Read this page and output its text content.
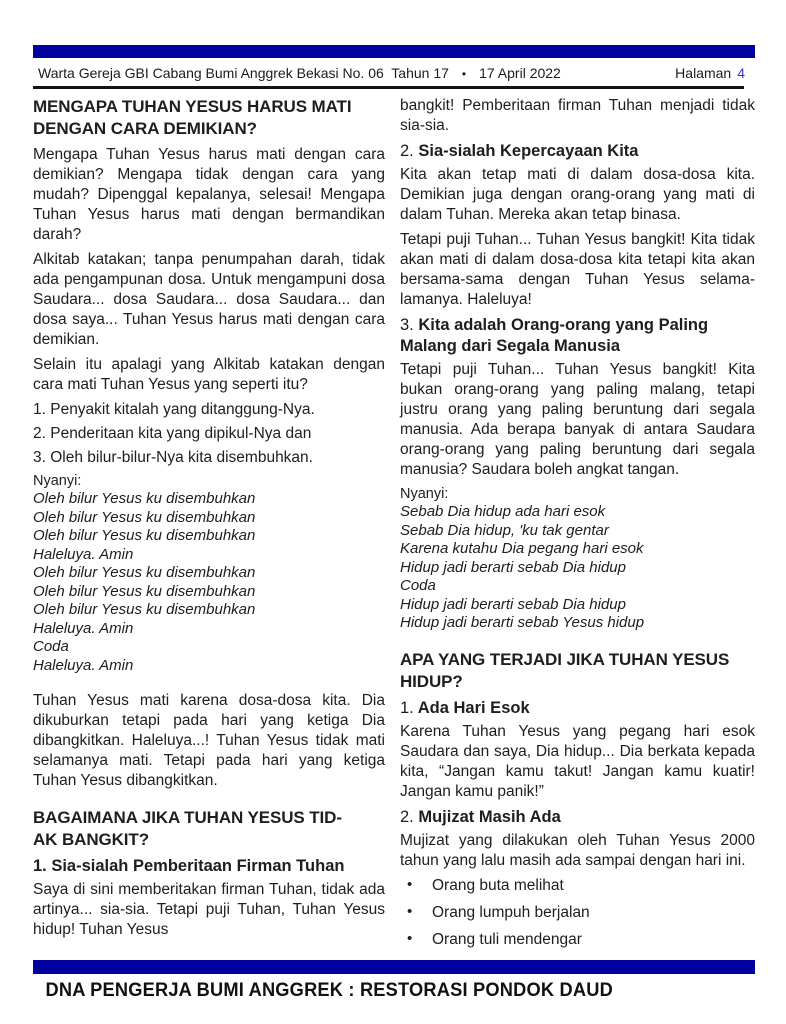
Warta Gereja GBI Cabang Bumi Anggrek Bekasi No. 06  Tahun 17 • 17 April 2022	Halaman 4
MENGAPA TUHAN YESUS HARUS MATI
DENGAN CARA DEMIKIAN?

Mengapa Tuhan Yesus harus mati dengan cara demikian? Mengapa tidak dengan cara yang mudah? Dipenggal kepalanya, selesai! Mengapa Tuhan Yesus harus mati dengan bermandikan darah?

Alkitab katakan; tanpa penumpahan darah, tidak ada pengampunan dosa. Untuk mengampuni dosa Saudara... dosa Saudara... dosa Saudara... dan dosa saya... Tuhan Yesus harus mati dengan cara demikian.

Selain itu apalagi yang Alkitab katakan dengan cara mati Tuhan Yesus yang seperti itu?

1. Penyakit kitalah yang ditanggung-Nya.

2. Penderitaan kita yang dipikul-Nya dan

3. Oleh bilur-bilur-Nya kita disembuhkan.

Nyanyi:
Oleh bilur Yesus ku disembuhkan
Oleh bilur Yesus ku disembuhkan
Oleh bilur Yesus ku disembuhkan
Haleluya. Amin
Oleh bilur Yesus ku disembuhkan
Oleh bilur Yesus ku disembuhkan
Oleh bilur Yesus ku disembuhkan
Haleluya. Amin
Coda
Haleluya. Amin

Tuhan Yesus mati karena dosa-dosa kita. Dia dikuburkan tetapi pada hari yang ketiga Dia dibangkitkan. Haleluya...! Tuhan Yesus tidak mati selamanya mati. Tetapi pada hari yang ketiga Tuhan Yesus dibangkitkan.

BAGAIMANA JIKA TUHAN YESUS TID-
AK BANGKIT?

1. Sia-sialah Pemberitaan Firman Tuhan

Saya di sini memberitakan firman Tuhan, tidak ada artinya... sia-sia. Tetapi puji Tuhan, Tuhan Yesus hidup! Tuhan Yesus

bangkit! Pemberitaan firman Tuhan menjadi tidak sia-sia.

2. Sia-sialah Kepercayaan Kita

Kita akan tetap mati di dalam dosa-dosa kita. Demikian juga dengan orang-orang yang mati di dalam Tuhan. Mereka akan tetap binasa.

Tetapi puji Tuhan... Tuhan Yesus bangkit! Kita tidak akan mati di dalam dosa-dosa kita tetapi kita akan bersama-sama dengan Tuhan Yesus selama-lamanya. Haleluya!

3. Kita adalah Orang-orang yang Paling Malang dari Segala Manusia

Tetapi puji Tuhan... Tuhan Yesus bangkit! Kita bukan orang-orang yang paling malang, tetapi justru orang yang paling beruntung dari segala manusia. Ada berapa banyak di antara Saudara orang-orang yang paling beruntung dari segala manusia? Saudara boleh angkat tangan.

Nyanyi:
Sebab Dia hidup ada hari esok
Sebab Dia hidup, 'ku tak gentar
Karena kutahu Dia pegang hari esok
Hidup jadi berarti sebab Dia hidup
Coda
Hidup jadi berarti sebab Dia hidup
Hidup jadi berarti sebab Yesus hidup
APA YANG TERJADI JIKA TUHAN YESUS
HIDUP?

1. Ada Hari Esok

Karena Tuhan Yesus yang pegang hari esok Saudara dan saya, Dia hidup... Dia berkata kepada kita, “Jangan kamu takut! Jangan kamu kuatir! Jangan kamu panik!”

2. Mujizat Masih Ada

Mujizat yang dilakukan oleh Tuhan Yesus 2000 tahun yang lalu masih ada sampai dengan hari ini.

• Orang buta melihat
• Orang lumpuh berjalan
• Orang tuli mendengar
DNA PENGERJA BUMI ANGGREK : RESTORASI PONDOK DAUD
